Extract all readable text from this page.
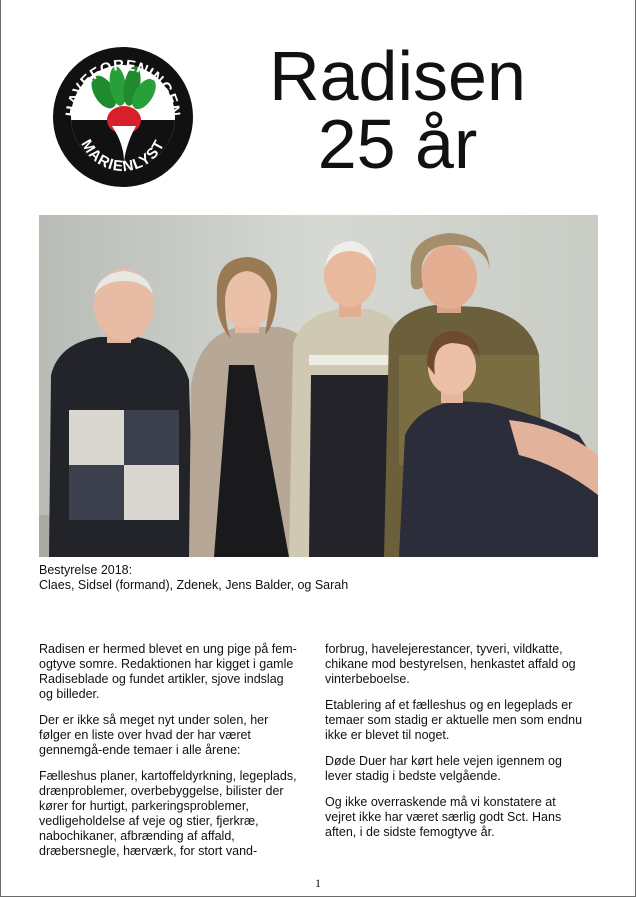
HAVEFORENINGEN
MARIENLYST
Radisen
25 år
Bestyrelse 2018:
Claes, Sidsel (formand), Zdenek, Jens Balder, og Sarah

Radisen er hermed blevet en ung pige på fem-ogtyve somre. Redaktionen har kigget i gamle Radiseblade og fundet artikler, sjove indslag og billeder.

Der er ikke så meget nyt under solen, her følger en liste over hvad der har været gennemgå-ende temaer i alle årene:

Fælleshus planer, kartoffeldyrkning, legeplads, drænproblemer, overbebyggelse, bilister der kører for hurtigt, parkeringsproblemer, vedligeholdelse af veje og stier, fjerkræ, nabochikaner, afbrænding af affald, dræbersnegle, hærværk, for stort vand-

forbrug, havelejerestancer, tyveri, vildkatte, chikane mod bestyrelsen, henkastet affald og vinterbeboelse.

Etablering af et fælleshus og en legeplads er temaer som stadig er aktuelle men som endnu ikke er blevet til noget.

Døde Duer har kørt hele vejen igennem og lever stadig i bedste velgående.

Og ikke overraskende må vi konstatere at vejret ikke har været særlig godt Sct. Hans aften, i de sidste femogtyve år.

1
